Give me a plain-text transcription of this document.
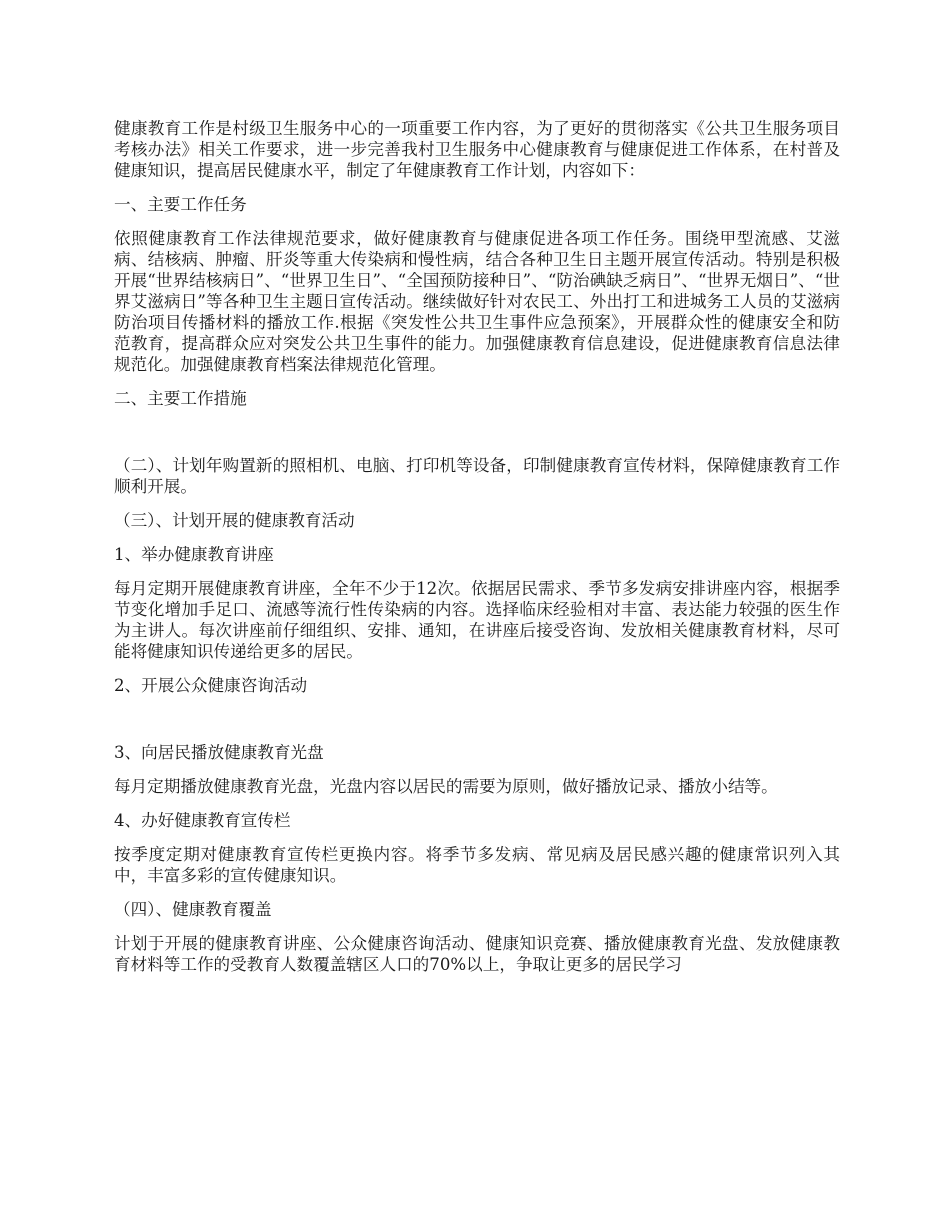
健康教育工作是村级卫生服务中心的一项重要工作内容，为了更好的贯彻落实《公共卫生服务项目考核办法》相关工作要求，进一步完善我村卫生服务中心健康教育与健康促进工作体系，在村普及健康知识，提高居民健康水平，制定了年健康教育工作计划，内容如下：

一、主要工作任务

依照健康教育工作法律规范要求，做好健康教育与健康促进各项工作任务。围绕甲型流感、艾滋病、结核病、肿瘤、肝炎等重大传染病和慢性病，结合各种卫生日主题开展宣传活动。特别是积极开展“世界结核病日”、“世界卫生日”、“全国预防接种日”、“防治碘缺乏病日”、“世界无烟日”、“世界艾滋病日”等各种卫生主题日宣传活动。继续做好针对农民工、外出打工和进城务工人员的艾滋病防治项目传播材料的播放工作.根据《突发性公共卫生事件应急预案》，开展群众性的健康安全和防范教育，提高群众应对突发公共卫生事件的能力。加强健康教育信息建设，促进健康教育信息法律规范化。加强健康教育档案法律规范化管理。

二、主要工作措施

（二）、计划年购置新的照相机、电脑、打印机等设备，印制健康教育宣传材料，保障健康教育工作顺利开展。

（三）、计划开展的健康教育活动

1、举办健康教育讲座

每月定期开展健康教育讲座，全年不少于12次。依据居民需求、季节多发病安排讲座内容，根据季节变化增加手足口、流感等流行性传染病的内容。选择临床经验相对丰富、表达能力较强的医生作为主讲人。每次讲座前仔细组织、安排、通知，在讲座后接受咨询、发放相关健康教育材料，尽可能将健康知识传递给更多的居民。

2、开展公众健康咨询活动

3、向居民播放健康教育光盘

每月定期播放健康教育光盘，光盘内容以居民的需要为原则，做好播放记录、播放小结等。

4、办好健康教育宣传栏

按季度定期对健康教育宣传栏更换内容。将季节多发病、常见病及居民感兴趣的健康常识列入其中，丰富多彩的宣传健康知识。

（四）、健康教育覆盖

计划于开展的健康教育讲座、公众健康咨询活动、健康知识竞赛、播放健康教育光盘、发放健康教育材料等工作的受教育人数覆盖辖区人口的70%以上，争取让更多的居民学习
